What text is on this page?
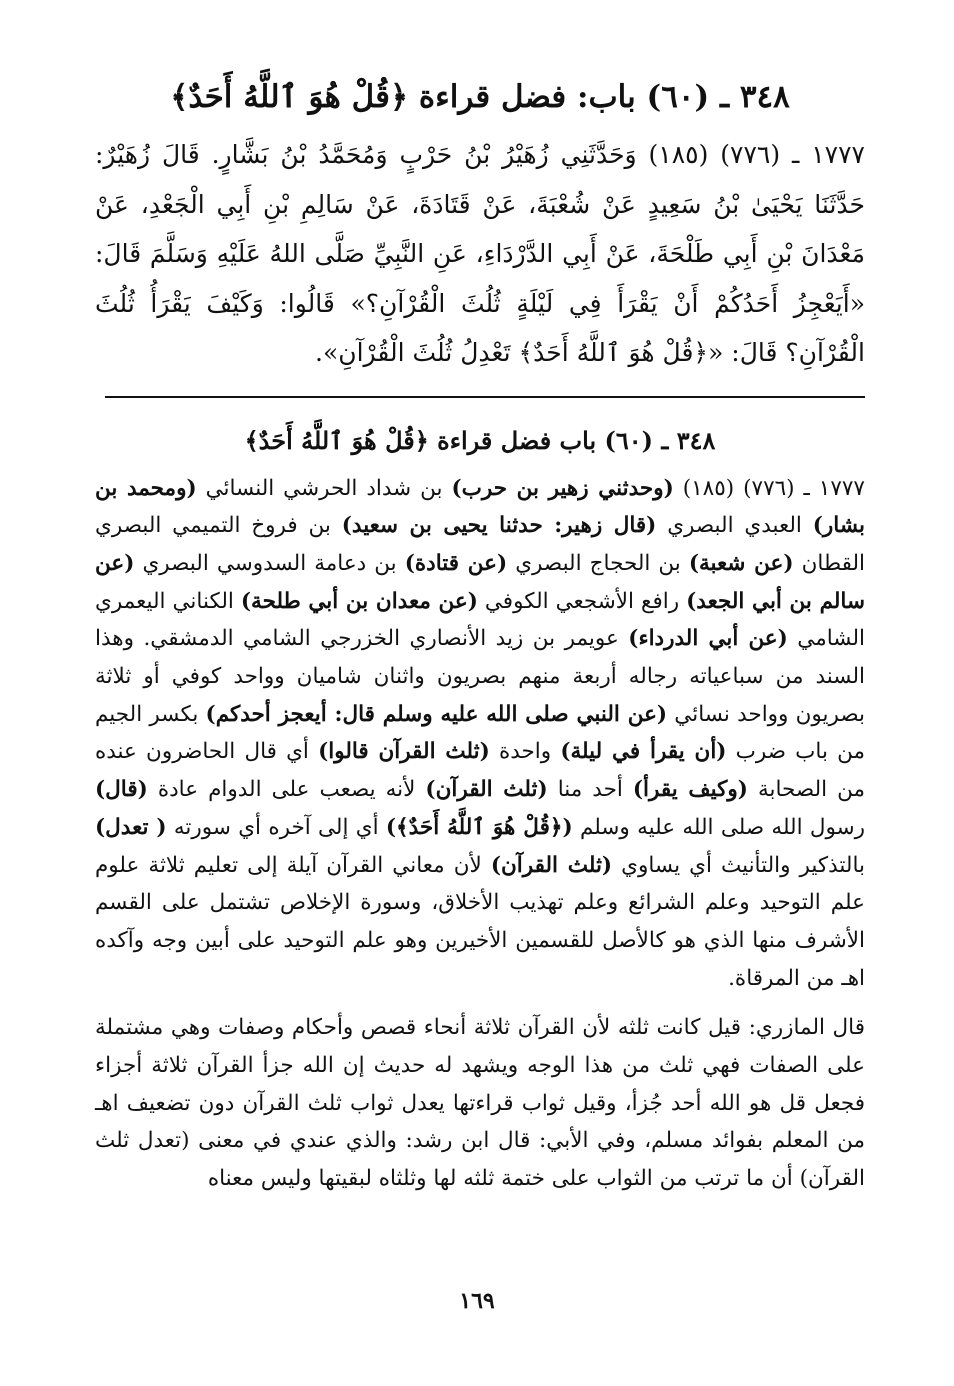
٣٤٨ ـ (٦٠) باب: فضل قراءة ﴿قُلْ هُوَ ٱللَّهُ أَحَدٌ﴾

١٧٧٧ ـ (٧٧٦) (١٨٥) وَحَدَّثَنِي زُهَيْرُ بْنُ حَرْبٍ وَمُحَمَّدُ بْنُ بَشَّارٍ. قَالَ زُهَيْرٌ: حَدَّثَنَا يَحْيَىٰ بْنُ سَعِيدٍ عَنْ شُعْبَةَ، عَنْ قَتَادَةَ، عَنْ سَالِمِ بْنِ أَبِي الْجَعْدِ، عَنْ مَعْدَانَ بْنِ أَبِي طَلْحَةَ، عَنْ أَبِي الدَّرْدَاءِ، عَنِ النَّبِيِّ صَلَّى اللهُ عَلَيْهِ وَسَلَّمَ قَالَ: «أَيَعْجِزُ أَحَدُكُمْ أَنْ يَقْرَأَ فِي لَيْلَةٍ ثُلُثَ الْقُرْآنِ؟» قَالُوا: وَكَيْفَ يَقْرَأُ ثُلُثَ الْقُرْآنِ؟ قَالَ: «﴿قُلْ هُوَ ٱللَّهُ أَحَدٌ﴾ تَعْدِلُ ثُلُثَ الْقُرْآنِ».

٣٤٨ ـ (٦٠) باب فضل قراءة ﴿قُلْ هُوَ ٱللَّهُ أَحَدٌ﴾

١٧٧٧ ـ (٧٧٦) (١٨٥) (وحدثني زهير بن حرب) بن شداد الحرشي النسائي (ومحمد بن بشار) العبدي البصري (قال زهير: حدثنا يحيى بن سعيد) بن فروخ التميمي البصري القطان (عن شعبة) بن الحجاج البصري (عن قتادة) بن دعامة السدوسي البصري (عن سالم بن أبي الجعد) رافع الأشجعي الكوفي (عن معدان بن أبي طلحة) الكناني اليعمري الشامي (عن أبي الدرداء) عويمر بن زيد الأنصاري الخزرجي الشامي الدمشقي. وهذا السند من سباعياته رجاله أربعة منهم بصريون واثنان شاميان وواحد كوفي أو ثلاثة بصريون وواحد نسائي (عن النبي صلى الله عليه وسلم قال: أيعجز أحدكم) بكسر الجيم من باب ضرب (أن يقرأ في ليلة) واحدة (ثلث القرآن قالوا) أي قال الحاضرون عنده من الصحابة (وكيف يقرأ) أحد منا (ثلث القرآن) لأنه يصعب على الدوام عادة (قال) رسول الله صلى الله عليه وسلم (﴿قُلْ هُوَ ٱللَّهُ أَحَدٌ﴾) أي إلى آخره أي سورته ( تعدل) بالتذكير والتأنيث أي يساوي (ثلث القرآن) لأن معاني القرآن آيلة إلى تعليم ثلاثة علوم علم التوحيد وعلم الشرائع وعلم تهذيب الأخلاق، وسورة الإخلاص تشتمل على القسم الأشرف منها الذي هو كالأصل للقسمين الأخيرين وهو علم التوحيد على أبين وجه وآكده اهـ من المرقاة.

قال المازري: قيل كانت ثلثه لأن القرآن ثلاثة أنحاء قصص وأحكام وصفات وهي مشتملة على الصفات فهي ثلث من هذا الوجه ويشهد له حديث إن الله جزأ القرآن ثلاثة أجزاء فجعل قل هو الله أحد جُزأ، وقيل ثواب قراءتها يعدل ثواب ثلث القرآن دون تضعيف اهـ من المعلم بفوائد مسلم، وفي الأبي: قال ابن رشد: والذي عندي في معنى (تعدل ثلث القرآن) أن ما ترتب من الثواب على ختمة ثلثه لها وثلثاه لبقيتها وليس معناه

١٦٩
